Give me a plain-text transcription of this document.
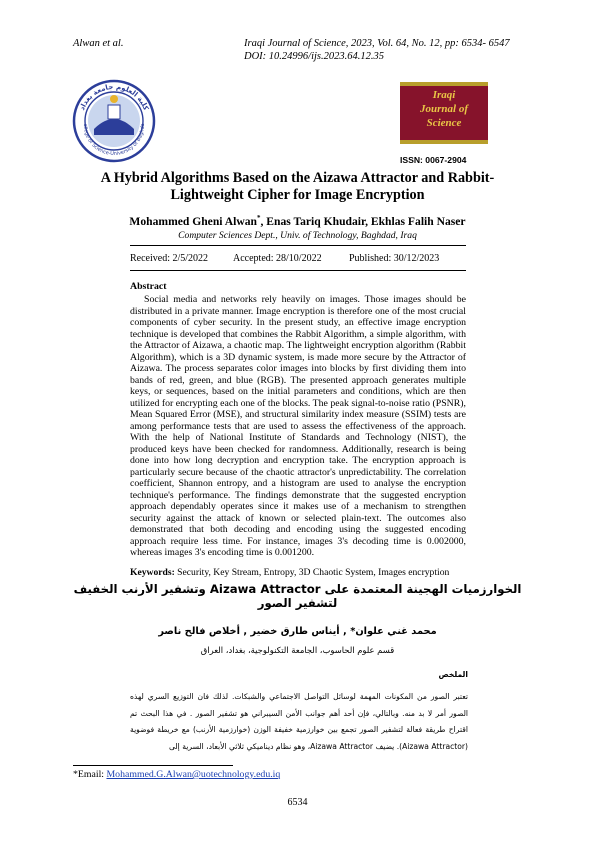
Alwan et al.	Iraqi Journal of Science, 2023, Vol. 64, No. 12, pp: 6534- 6547
DOI: 10.24996/ijs.2023.64.12.35
كلية العلوم جامعة بغداد
ollege of Science-University of Baghda
Iraqi
Journal of
Science
ISSN: 0067-2904
A Hybrid Algorithms Based on the Aizawa Attractor and Rabbit-
Lightweight Cipher for Image Encryption
Mohammed Gheni Alwan*, Enas Tariq Khudair, Ekhlas Falih Naser
Computer Sciences Dept., Univ. of Technology, Baghdad, Iraq
Received: 2/5/2022 Accepted: 28/10/2022	Published: 30/12/2023
Abstract
Social media and networks rely heavily on images. Those images should be distributed in a private manner. Image encryption is therefore one of the most crucial components of cyber security. In the present study, an effective image encryption technique is developed that combines the Rabbit Algorithm, a simple algorithm, with the Attractor of Aizawa, a chaotic map. The lightweight encryption algorithm (Rabbit Algorithm), which is a 3D dynamic system, is made more secure by the Attractor of Aizawa. The process separates color images into blocks by first dividing them into bands of red, green, and blue (RGB). The presented approach generates multiple keys, or sequences, based on the initial parameters and conditions, which are then utilized for encrypting each one of the blocks. The peak signal-to-noise ratio (PSNR), Mean Squared Error (MSE), and structural similarity index measure (SSIM) tests are among performance tests that are used to assess the effectiveness of the approach. With the help of National Institute of Standards and Technology (NIST), the produced keys have been checked for randomness. Additionally, research is being done into how long decryption and encryption take. The encryption approach is particularly secure because of the chaotic attractor's unpredictability. The correlation coefficient, Shannon entropy, and a histogram are used to analyse the encryption technique's performance. The findings demonstrate that the suggested encryption approach dependably operates since it makes use of a mechanism to strengthen security against the attack of known or selected plain-text. The outcomes also demonstrated that both decoding and encoding using the suggested encoding approach require less time. For instance, images 3's decoding time is 0.002000, whereas images 3's encoding time is 0.001200.
Keywords: Security, Key Stream, Entropy, 3D Chaotic System, Images encryption
الخوارزميات الهجينة المعتمدة على Aizawa Attractor وتشفير الأرنب الخفيف لتشفير الصور
محمد غني علوان* , أيناس طارق خضير , أخلاص فالح ناصر
قسم علوم الحاسوب، الجامعة التكنولوجية، بغداد، العراق
الملخص
تعتبر الصور من المكونات المهمة لوسائل التواصل الاجتماعي والشبكات. لذلك فان التوزيع السري لهذه الصور أمر لا بد منه. وبالتالي، فإن أحد أهم جوانب الأمن السيبراني هو تشفير الصور . في هذا البحث تم اقتراح طريقة فعالة لتشفير الصور تجمع بين خوارزمية خفيفة الوزن (خوارزمية الأرنب) مع خريطة فوضوية (Aizawa Attractor). يضيف Aizawa Attractor، وهو نظام ديناميكي ثلاثي الأبعاد، السرية إلى
*Email: Mohammed.G.Alwan@uotechnology.edu.iq
6534
